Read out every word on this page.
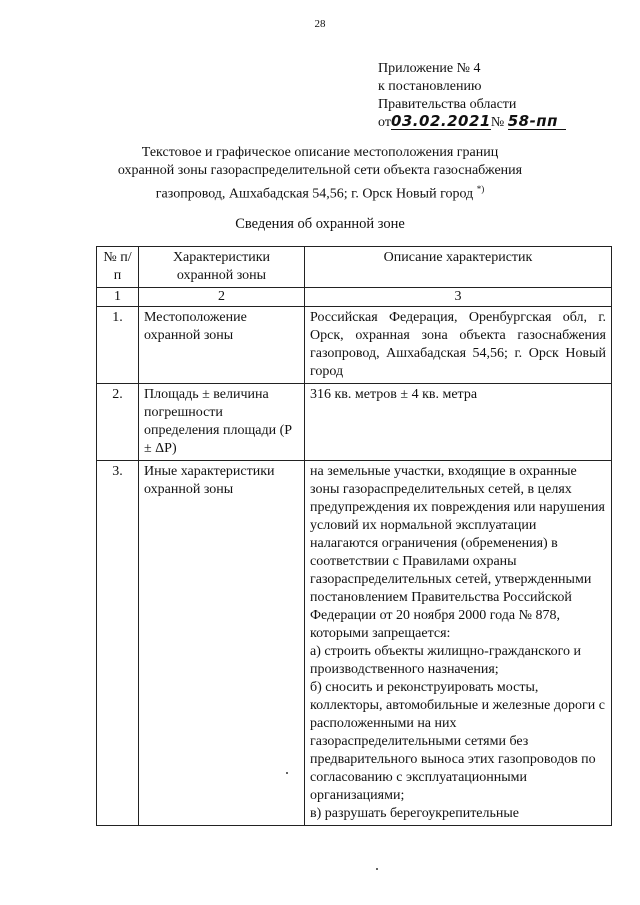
28
Приложение № 4
к постановлению
Правительства области
от03.02.2021№ 58-пп
Текстовое и графическое описание местоположения границ
охранной зоны газораспределительной сети объекта газоснабжения
газопровод, Ашхабадская 54,56; г. Орск Новый город *)
Сведения об охранной зоне
№ п/п	Характеристики охранной зоны	Описание характеристик
1	2	3
1.	Местоположение охранной зоны	Российская Федерация, Оренбургская обл, г. Орск, охранная зона объекта газоснабжения газопровод, Ашхабадская 54,56; г. Орск Новый город
2.	Площадь ± величина погрешности определения площади (Р ± ΔР)	316 кв. метров ± 4 кв. метра
3.	Иные характеристики охранной зоны	на земельные участки, входящие в охранные зоны газораспределительных сетей, в целях предупреждения их повреждения или нарушения условий их нормальной эксплуатации налагаются ограничения (обременения) в соответствии с Правилами охраны газораспределительных сетей, утвержденными постановлением Правительства Российской Федерации от 20 ноября 2000 года № 878, которыми запрещается:
а) строить объекты жилищно-гражданского и производственного назначения;
б) сносить и реконструировать мосты, коллекторы, автомобильные и железные дороги с расположенными на них газораспределительными сетями без предварительного выноса этих газопроводов по согласованию с эксплуатационными организациями;
в) разрушать берегоукрепительные
